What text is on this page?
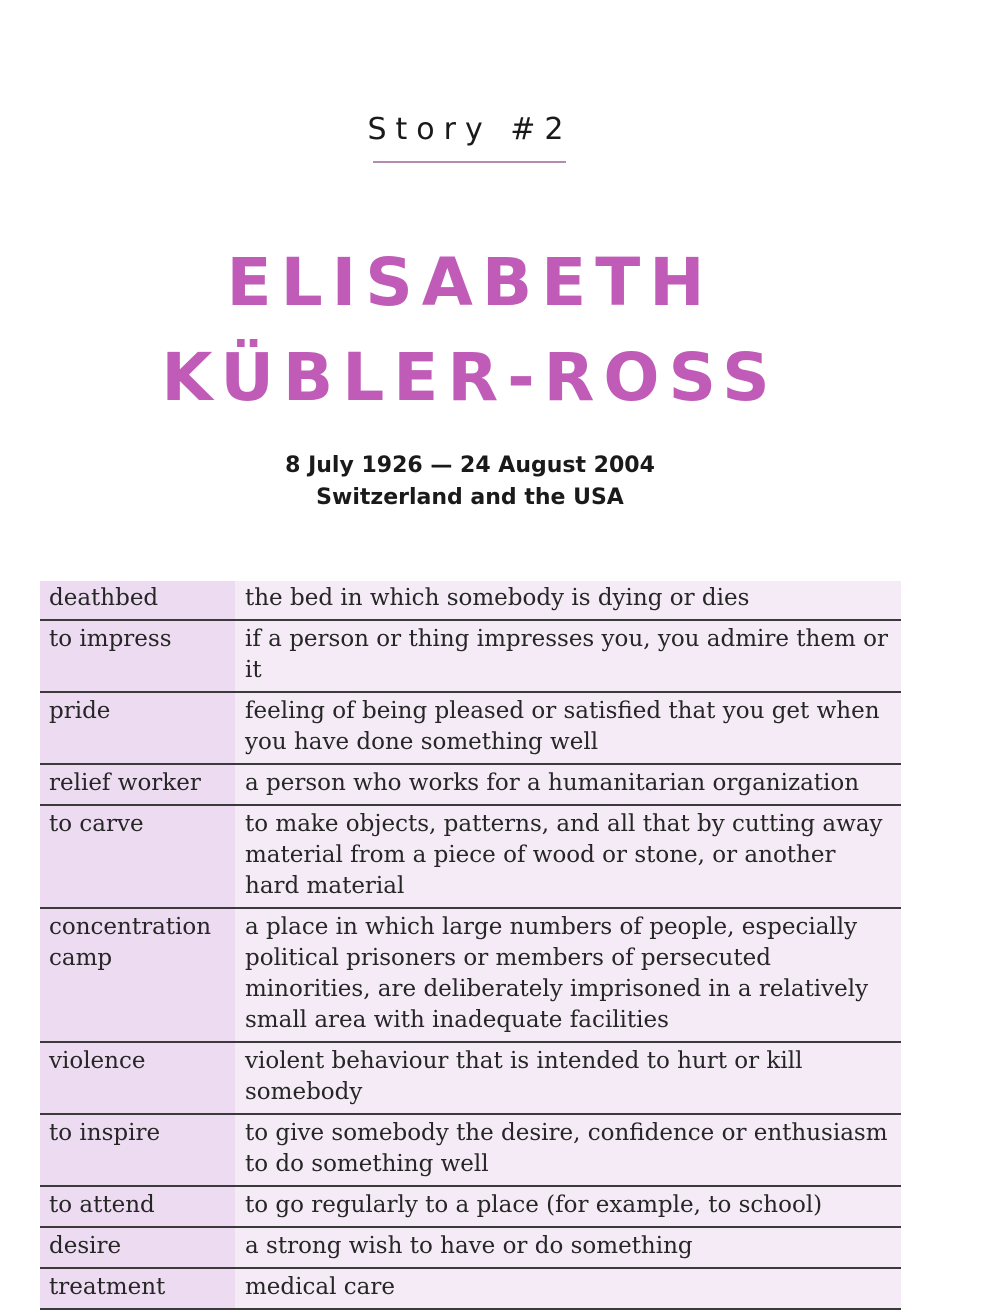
Story #2
ELISABETH
KÜBLER-ROSS
8 July 1926 — 24 August 2004
Switzerland and the USA
deathbed	the bed in which somebody is dying or dies
to impress	if a person or thing impresses you, you admire them or it
pride	feeling of being pleased or satisfied that you get when you have done something well
relief worker	a person who works for a humanitarian organization
to carve	to make objects, patterns, and all that by cutting away material from a piece of wood or stone, or another hard material
concentration camp	a place in which large numbers of people, especially political prisoners or members of persecuted minorities, are deliberately imprisoned in a relatively small area with inadequate facilities
violence	violent behaviour that is intended to hurt or kill somebody
to inspire	to give somebody the desire, confidence or enthusiasm to do something well
to attend	to go regularly to a place (for example, to school)
desire	a strong wish to have or do something
treatment	medical care
